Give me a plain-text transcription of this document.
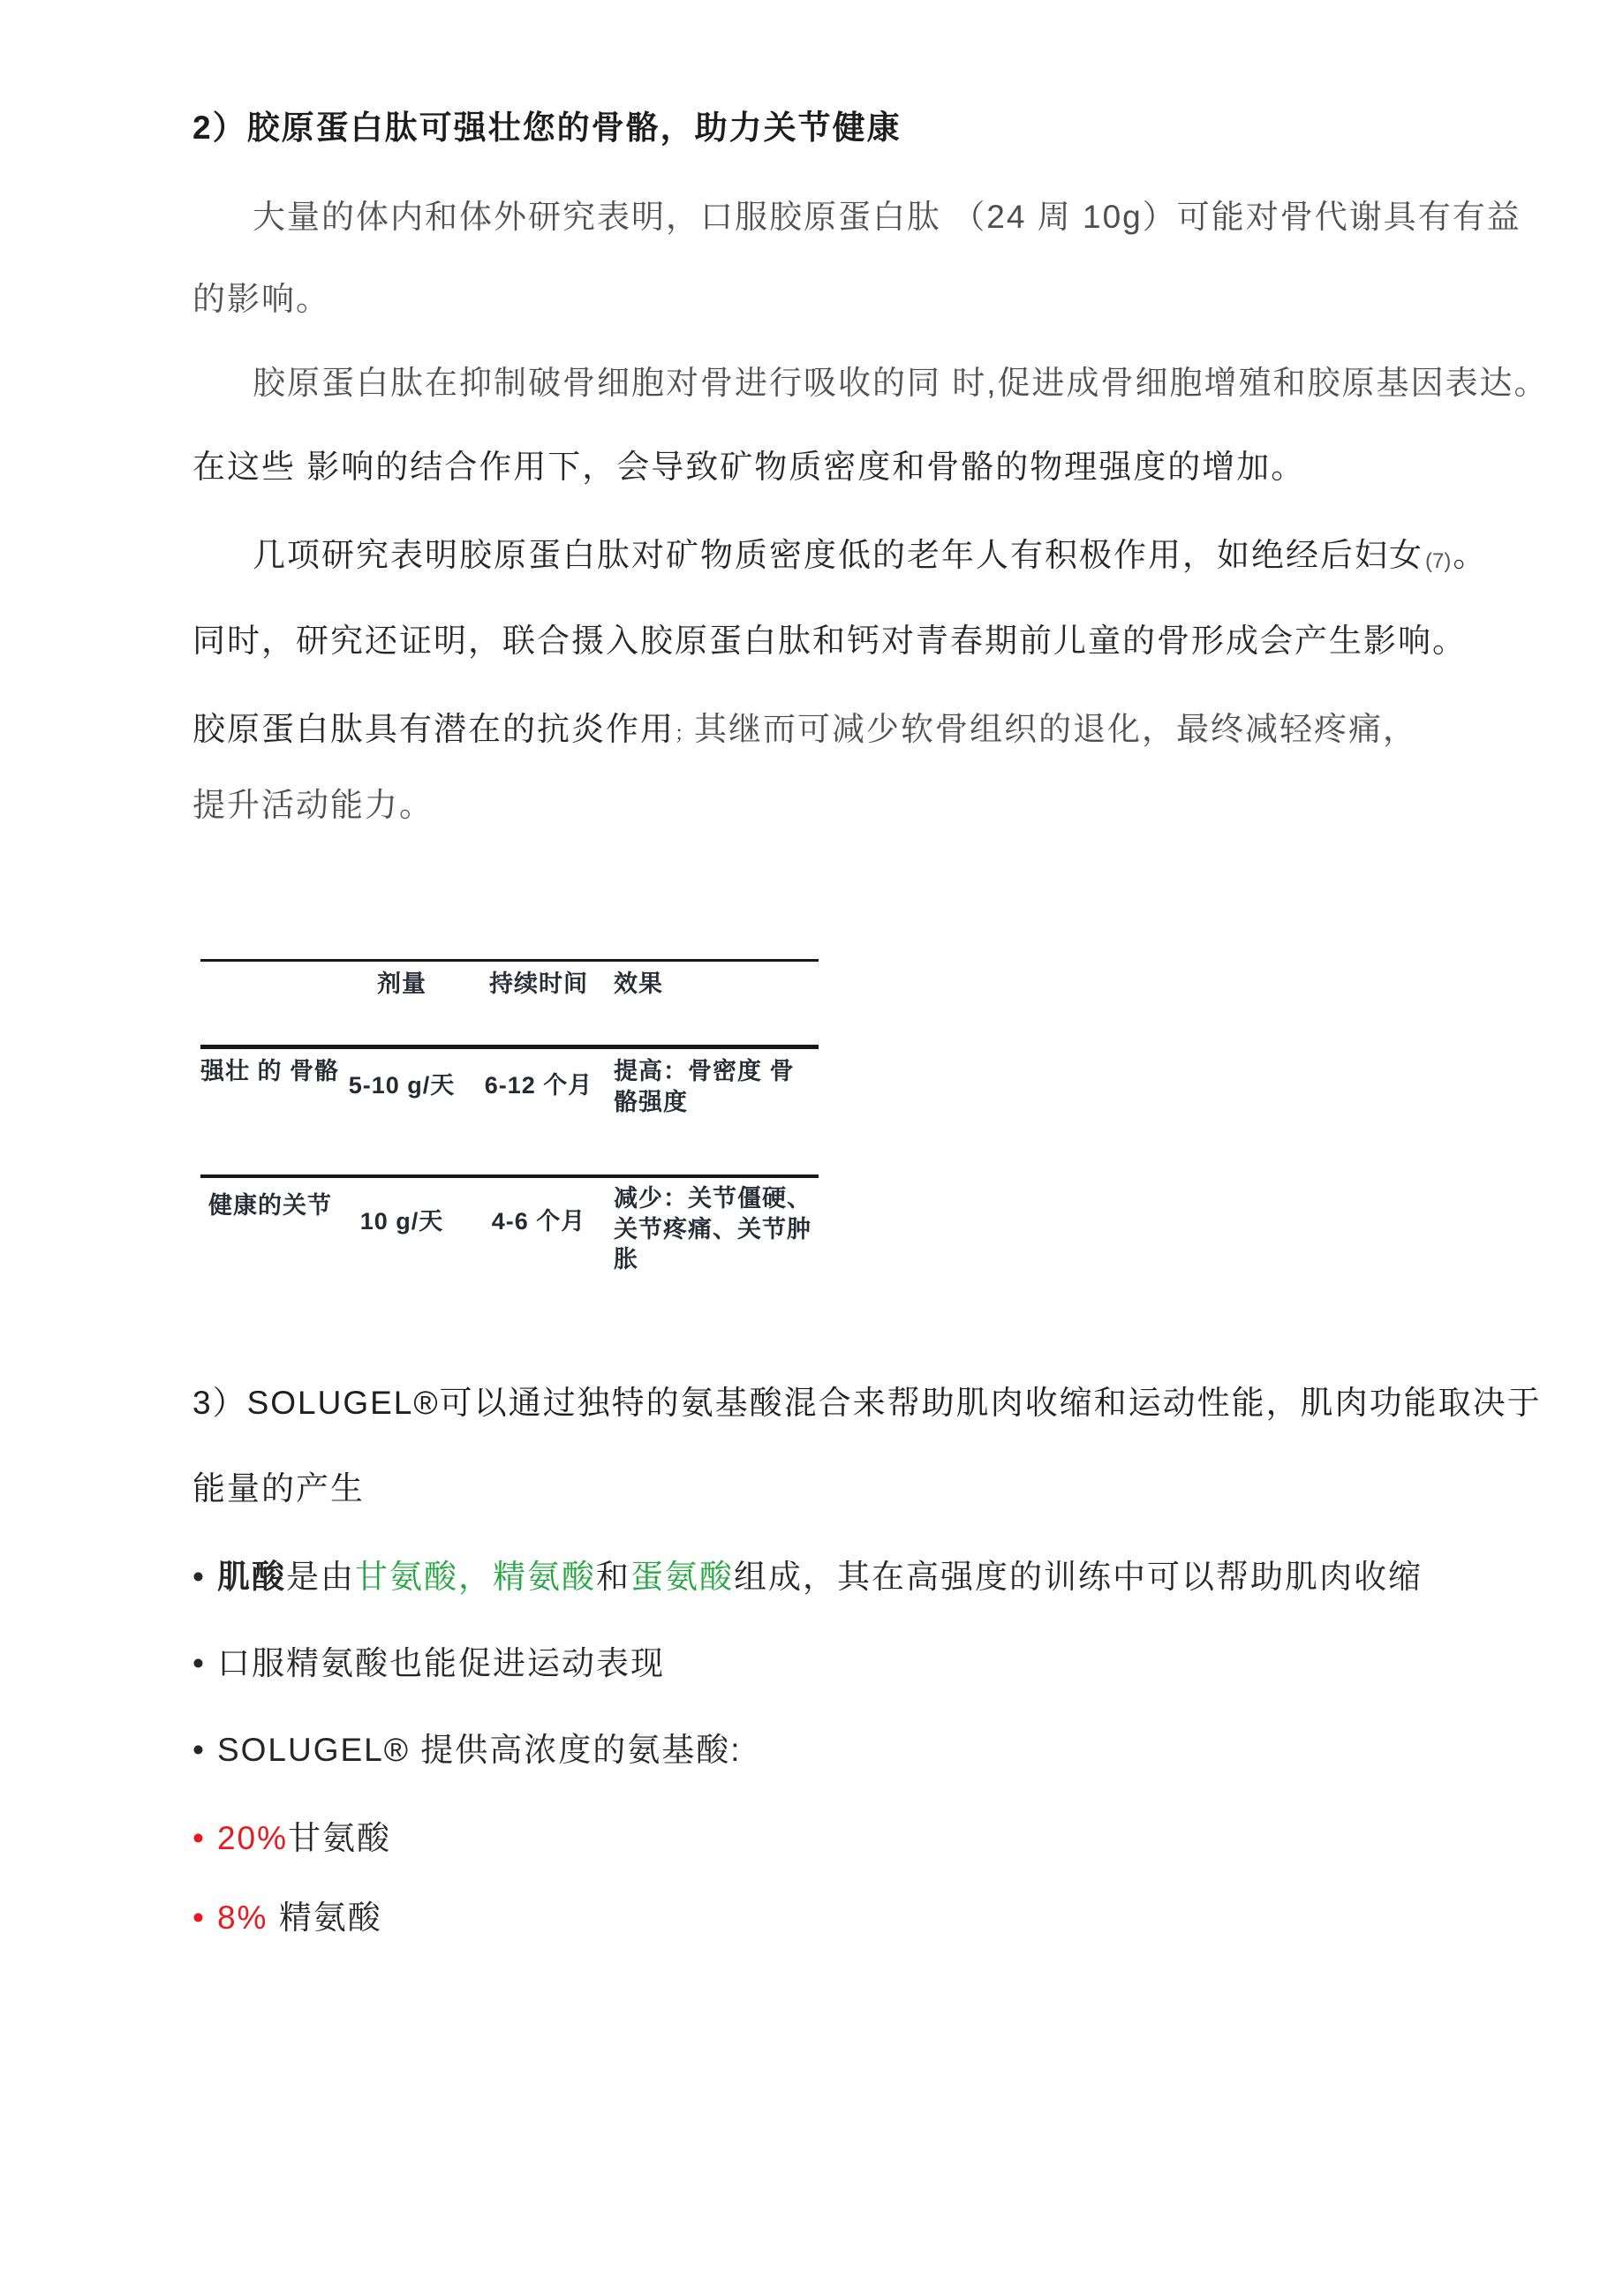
2）胶原蛋白肽可强壮您的骨骼，助力关节健康
大量的体内和体外研究表明，口服胶原蛋白肽 （24 周 10g）可能对骨代谢具有有益
的影响。
胶原蛋白肽在抑制破骨细胞对骨进行吸收的同 时,促进成骨细胞增殖和胶原基因表达。
在这些 影响的结合作用下，会导致矿物质密度和骨骼的物理强度的增加。
几项研究表明胶原蛋白肽对矿物质密度低的老年人有积极作用，如绝经后妇女(7)。
同时，研究还证明，联合摄入胶原蛋白肽和钙对青春期前儿童的骨形成会产生影响。
胶原蛋白肽具有潜在的抗炎作用；其继而可减少软骨组织的退化，最终减轻疼痛，
提升活动能力。
	剂量	持续时间	效果
强壮 的 骨骼	5-10 g/天	6-12 个月	提高：骨密度 骨骼强度
健康的关节	10 g/天	4-6 个月	减少：关节僵硬、关节疼痛、关节肿胀
3）SOLUGEL®可以通过独特的氨基酸混合来帮助肌肉收缩和运动性能，肌肉功能取决于
能量的产生
• 肌酸是由甘氨酸，精氨酸和蛋氨酸组成，其在高强度的训练中可以帮助肌肉收缩
• 口服精氨酸也能促进运动表现
• SOLUGEL® 提供高浓度的氨基酸:
• 20%甘氨酸
• 8% 精氨酸
